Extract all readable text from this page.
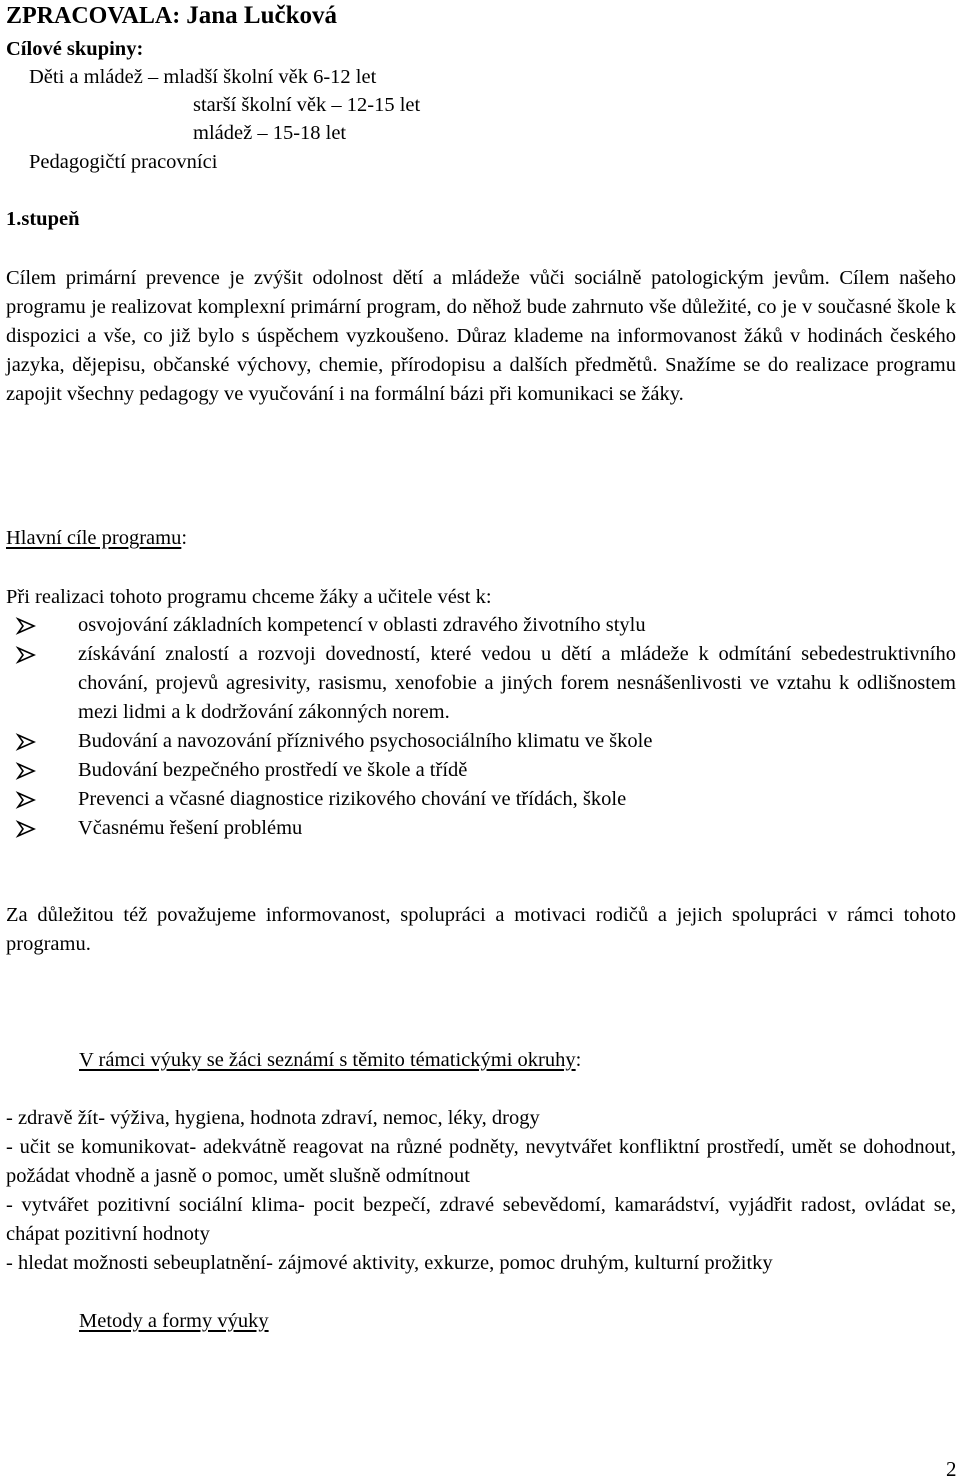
ZPRACOVALA: Jana Lučková
Cílové skupiny:
Děti a mládež – mladší školní věk 6-12 let
starší školní věk – 12-15 let
mládež – 15-18 let
Pedagogičtí pracovníci
1.stupeň
Cílem primární prevence je zvýšit odolnost dětí a mládeže vůči sociálně patologickým jevům. Cílem našeho programu je realizovat komplexní primární program, do něhož bude zahrnuto vše důležité, co je v současné škole k dispozici a vše, co již bylo s úspěchem vyzkoušeno. Důraz klademe na informovanost žáků v hodinách českého jazyka, dějepisu, občanské výchovy, chemie, přírodopisu a dalších předmětů. Snažíme se do realizace programu zapojit všechny pedagogy ve vyučování i na formální bázi při komunikaci se žáky.
Hlavní cíle programu:
Při realizaci tohoto programu chceme žáky a učitele vést k:
osvojování základních kompetencí v oblasti zdravého životního stylu
získávání znalostí a rozvoji dovedností, které vedou u dětí a mládeže k odmítání sebedestruktivního chování, projevů agresivity, rasismu, xenofobie a jiných forem nesnášenlivosti ve vztahu k odlišnostem mezi lidmi a k dodržování zákonných norem.
Budování a navozování příznivého psychosociálního klimatu ve škole
Budování bezpečného prostředí ve škole a třídě
Prevenci a včasné diagnostice rizikového chování ve třídách, škole
Včasnému řešení problému
Za důležitou též považujeme informovanost, spolupráci a motivaci rodičů a jejich spolupráci v rámci tohoto programu.
V rámci výuky se žáci seznámí s těmito tématickými okruhy:
- zdravě žít- výživa, hygiena, hodnota zdraví, nemoc, léky, drogy
- učit se komunikovat- adekvátně reagovat na různé podněty, nevytvářet konfliktní prostředí, umět se dohodnout, požádat vhodně a jasně o pomoc, umět slušně odmítnout
- vytvářet pozitivní sociální klima- pocit bezpečí, zdravé sebevědomí, kamarádství, vyjádřit radost, ovládat se, chápat pozitivní hodnoty
- hledat možnosti sebeuplatnění- zájmové aktivity, exkurze, pomoc druhým, kulturní prožitky
Metody a formy výuky
2
